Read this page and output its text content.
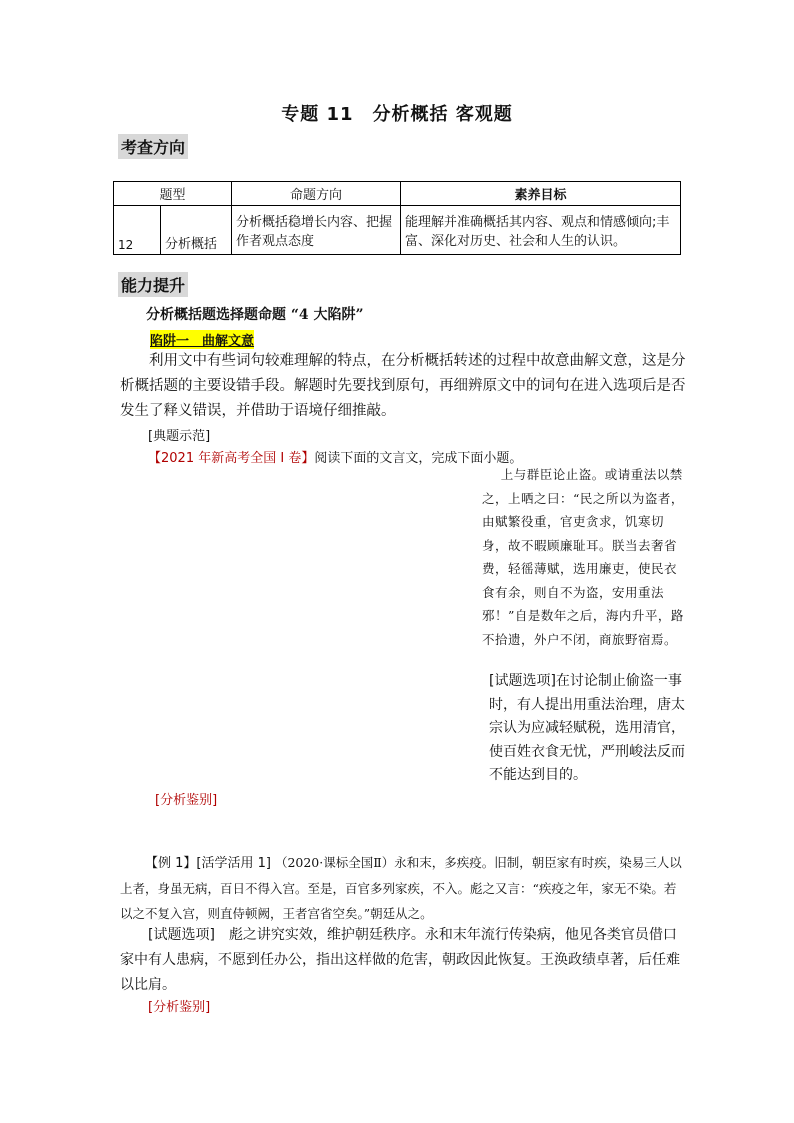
专题 11　分析概括 客观题
考查方向
题型		命题方向	素养目标
12	分析概括	分析概括稳增长内容、把握作者观点态度	能理解并准确概括其内容、观点和情感倾向;丰富、深化对历史、社会和人生的认识。
能力提升
分析概括题选择题命题 “4 大陷阱”
陷阱一　曲解文意
利用文中有些词句较难理解的特点，在分析概括转述的过程中故意曲解文意，这是分析概括题的主要设错手段。解题时先要找到原句，再细辨原文中的词句在进入选项后是否发生了释义错误，并借助于语境仔细推敲。
[典题示范]
【2021 年新高考全国 I 卷】阅读下面的文言文，完成下面小题。
上与群臣论止盗。或请重法以禁之，上哂之曰：“民之所以为盗者，由赋繁役重，官吏贪求，饥寒切身，故不暇顾廉耻耳。朕当去奢省费，轻徭薄赋，选用廉吏，使民衣食有余，则自不为盗，安用重法邪！”自是数年之后，海内升平，路不拾遗，外户不闭，商旅野宿焉。
[试题选项]在讨论制止偷盗一事时，有人提出用重法治理，唐太宗认为应减轻赋税，选用清官，使百姓衣食无忧，严刑峻法反而不能达到目的。
[分析鉴别]
【例 1】[活学活用 1] （2020·课标全国Ⅱ）永和末，多疾疫。旧制，朝臣家有时疾，染易三人以上者，身虽无病，百日不得入宫。至是，百官多列家疾，不入。彪之又言：“疾疫之年，家无不染。若以之不复入宫，则直侍顿阙，王者宫省空矣。”朝廷从之。
[试题选项]　 彪之讲究实效，维护朝廷秩序。永和末年流行传染病，他见各类官员借口家中有人患病，不愿到任办公，指出这样做的危害，朝政因此恢复。王涣政绩卓著，后任难以比肩。
[分析鉴别]
